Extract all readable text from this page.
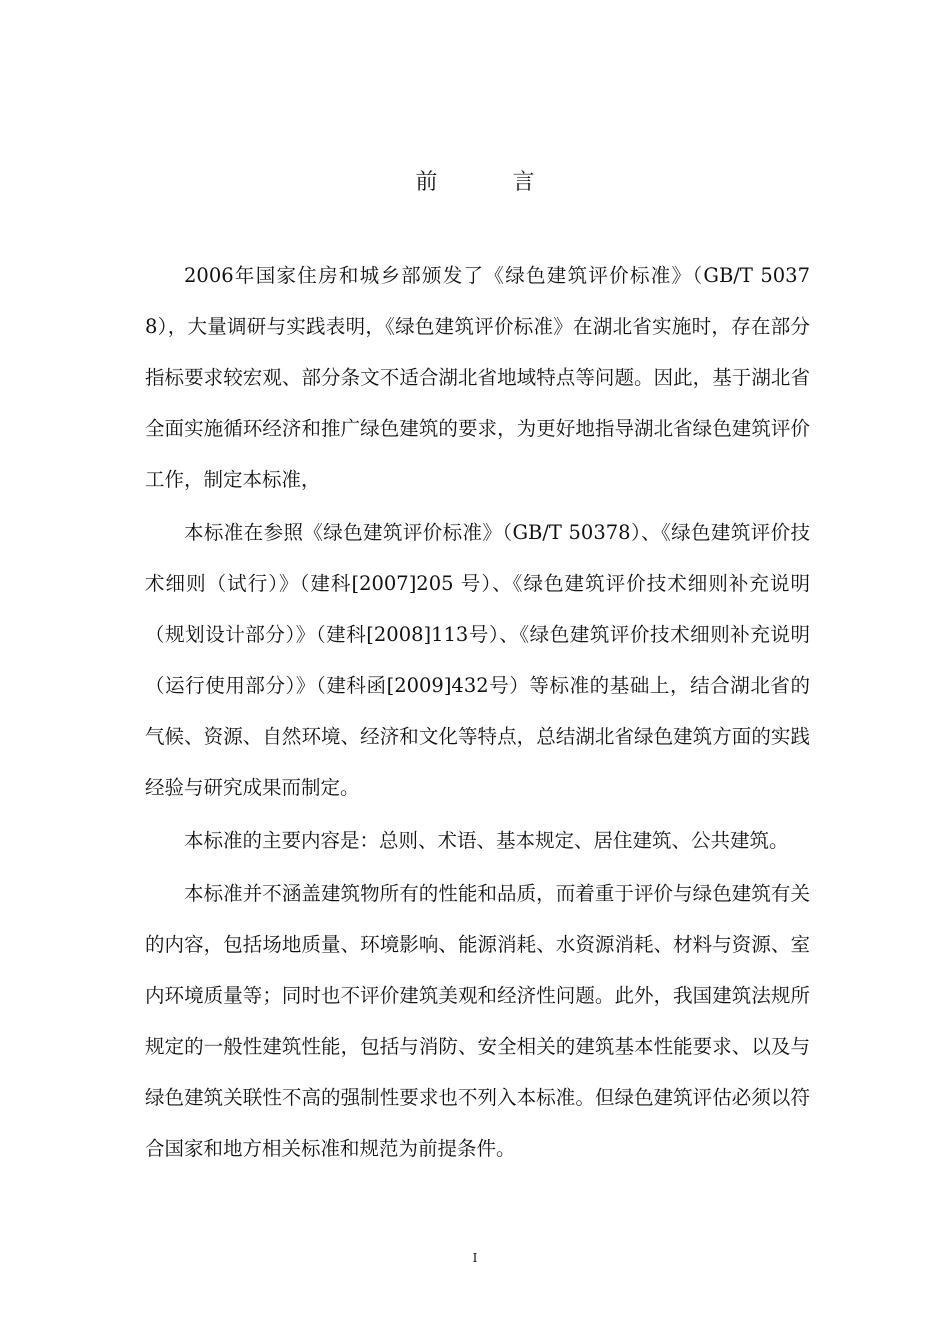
前 言

2006年国家住房和城乡部颁发了《绿色建筑评价标准》（GB/T 50378），大量调研与实践表明，《绿色建筑评价标准》在湖北省实施时，存在部分指标要求较宏观、部分条文不适合湖北省地域特点等问题。因此，基于湖北省全面实施循环经济和推广绿色建筑的要求，为更好地指导湖北省绿色建筑评价工作，制定本标准，

本标准在参照《绿色建筑评价标准》（GB/T 50378）、《绿色建筑评价技术细则（试行）》（建科[2007]205 号）、《绿色建筑评价技术细则补充说明（规划设计部分）》（建科[2008]113号）、《绿色建筑评价技术细则补充说明（运行使用部分）》（建科函[2009]432号）等标准的基础上，结合湖北省的气候、资源、自然环境、经济和文化等特点，总结湖北省绿色建筑方面的实践经验与研究成果而制定。

本标准的主要内容是：总则、术语、基本规定、居住建筑、公共建筑。

本标准并不涵盖建筑物所有的性能和品质，而着重于评价与绿色建筑有关的内容，包括场地质量、环境影响、能源消耗、水资源消耗、材料与资源、室内环境质量等；同时也不评价建筑美观和经济性问题。此外，我国建筑法规所规定的一般性建筑性能，包括与消防、安全相关的建筑基本性能要求、以及与绿色建筑关联性不高的强制性要求也不列入本标准。但绿色建筑评估必须以符合国家和地方相关标准和规范为前提条件。

I
